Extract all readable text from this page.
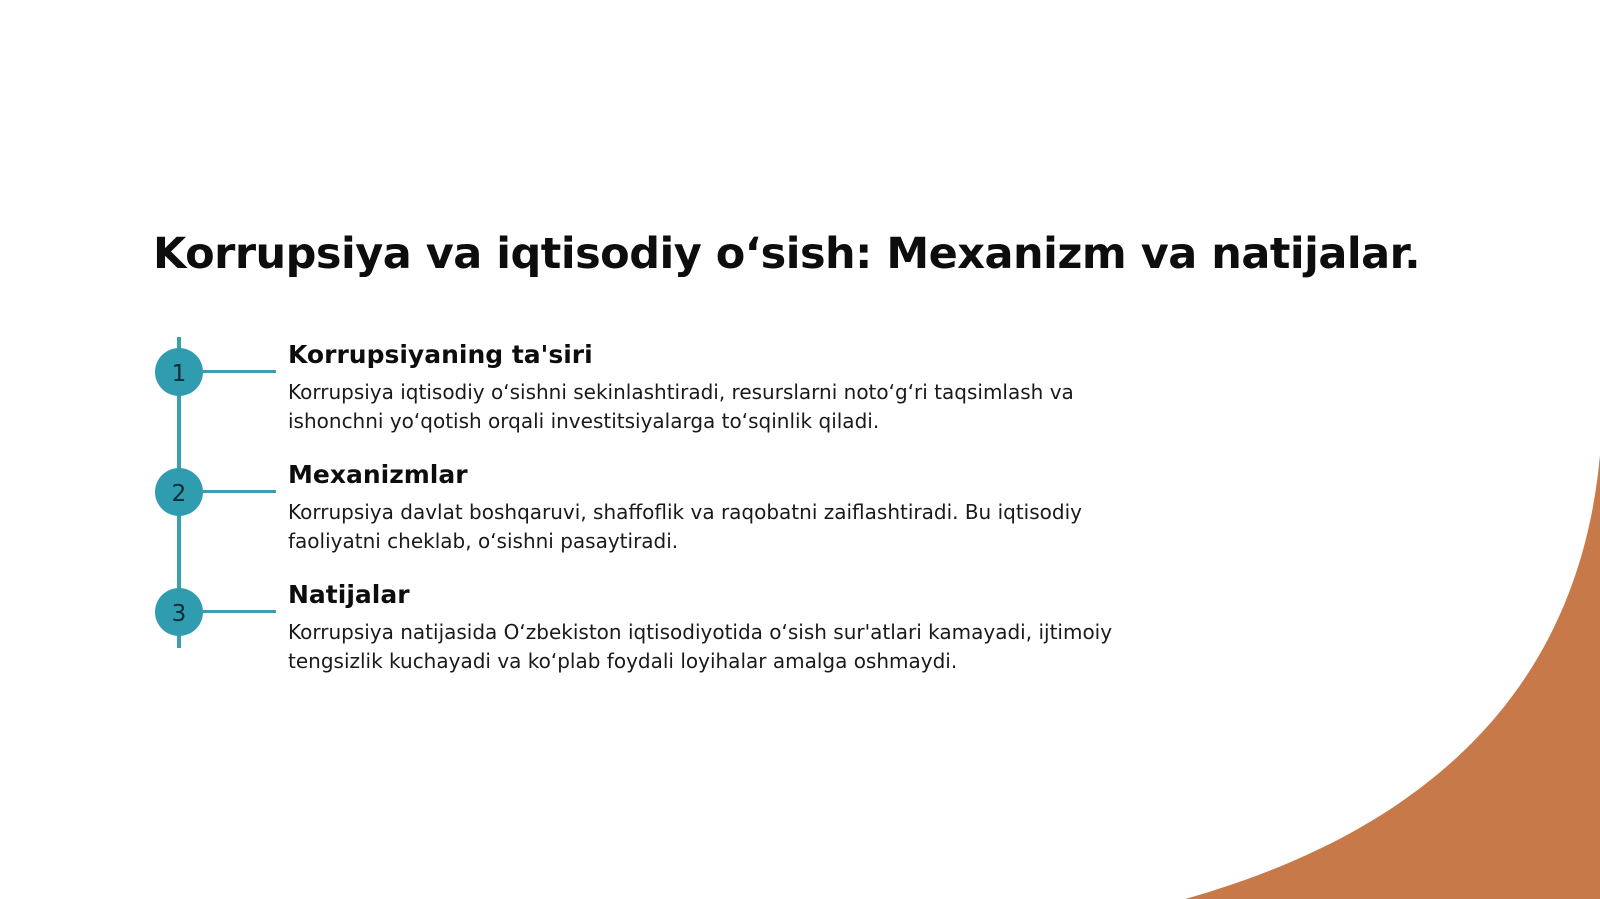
Korrupsiya va iqtisodiy o‘sish: Mexanizm va natijalar.
1
Korrupsiyaning ta'siri

Korrupsiya iqtisodiy o‘sishni sekinlashtiradi, resurslarni noto‘g‘ri taqsimlash va ishonchni yo‘qotish orqali investitsiyalarga to‘sqinlik qiladi.

2
Mexanizmlar

Korrupsiya davlat boshqaruvi, shaffoflik va raqobatni zaiflashtiradi. Bu iqtisodiy faoliyatni cheklab, o‘sishni pasaytiradi.

3
Natijalar

Korrupsiya natijasida O‘zbekiston iqtisodiyotida o‘sish sur'atlari kamayadi, ijtimoiy tengsizlik kuchayadi va ko‘plab foydali loyihalar amalga oshmaydi.
